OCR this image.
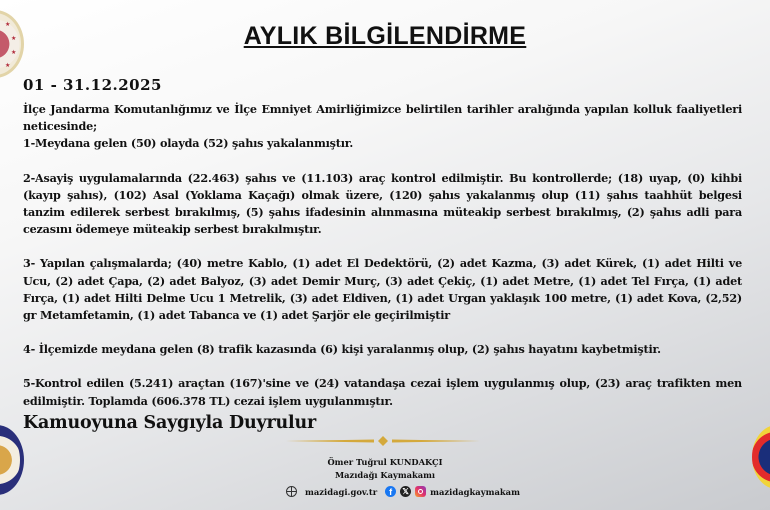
★
★
★
★
AYLIK BİLGİLENDİRME
01 - 31.12.2025

İlçe Jandarma Komutanlığımız ve İlçe Emniyet Amirliğimizce belirtilen tarihler aralığında yapılan kolluk faaliyetleri neticesinde;

1-Meydana gelen (50) olayda (52) şahıs yakalanmıştır.

2-Asayiş uygulamalarında (22.463) şahıs ve (11.103) araç kontrol edilmiştir. Bu kontrollerde; (18) uyap, (0) kihbi (kayıp şahıs), (102) Asal (Yoklama Kaçağı) olmak üzere, (120) şahıs yakalanmış olup (11) şahıs taahhüt belgesi tanzim edilerek serbest bırakılmış, (5) şahıs ifadesinin alınmasına müteakip serbest bırakılmış, (2) şahıs adli para cezasını ödemeye müteakip serbest bırakılmıştır.

3- Yapılan çalışmalarda; (40) metre Kablo, (1) adet El Dedektörü, (2) adet Kazma, (3) adet Kürek, (1) adet Hilti ve Ucu, (2) adet Çapa, (2) adet Balyoz, (3) adet Demir Murç, (3) adet Çekiç, (1) adet Metre, (1) adet Tel Fırça, (1) adet Fırça, (1) adet Hilti Delme Ucu 1 Metrelik, (3) adet Eldiven, (1) adet Urgan yaklaşık 100 metre, (1) adet Kova, (2,52) gr Metamfetamin, (1) adet Tabanca ve (1) adet Şarjör ele geçirilmiştir

4- İlçemizde meydana gelen (8) trafik kazasında (6) kişi yaralanmış olup, (2) şahıs hayatını kaybetmiştir.

5-Kontrol edilen (5.241) araçtan (167)'sine ve (24) vatandaşa cezai işlem uygulanmış olup, (23) araç trafikten men edilmiştir. Toplamda (606.378 TL) cezai işlem uygulanmıştır.

Kamuoyuna Saygıyla Duyrulur
Ömer Tuğrul KUNDAKÇI
Mazıdağı Kaymakamı
mazidagi.gov.tr	f	𝕏	mazidagkaymakam
